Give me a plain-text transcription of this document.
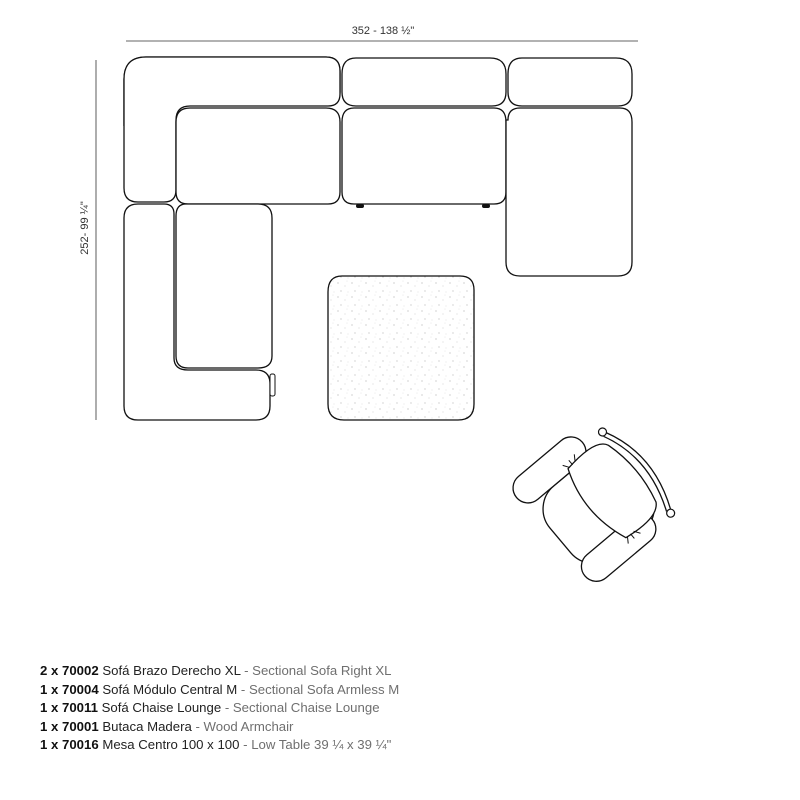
352 - 138 ½"
252- 99 ¼"
2 x 70002 Sofá Brazo Derecho XL - Sectional Sofa Right XL
1 x 70004 Sofá Módulo Central M - Sectional Sofa Armless M
1 x 70011 Sofá Chaise Lounge - Sectional Chaise Lounge
1 x 70001 Butaca Madera - Wood Armchair
1 x 70016 Mesa Centro 100 x 100 - Low Table 39 ¼ x 39 ¼"
